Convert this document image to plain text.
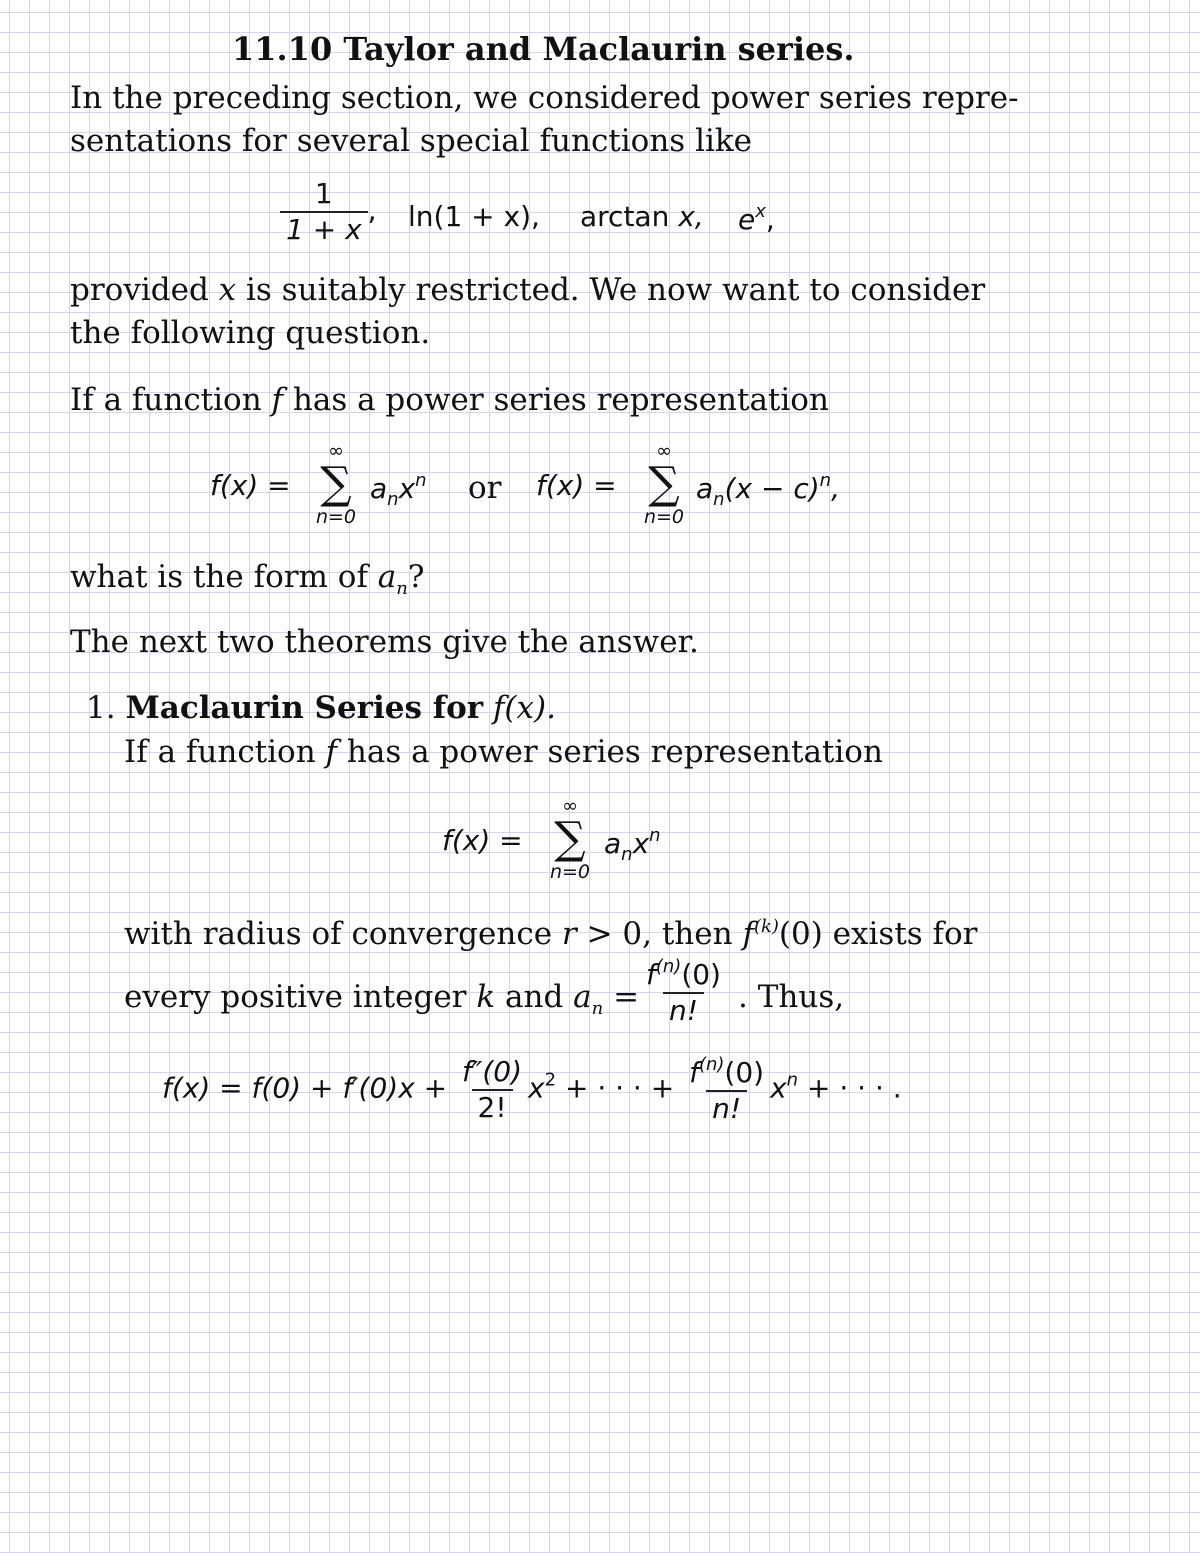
11.10 Taylor and Maclaurin series.
In the preceding section, we considered power series repre-
sentations for several special functions like
$\frac{1}{1 + x}$ , ln(1 + x), arctan x, $e^x$,
provided x is suitably restricted. We now want to consider
the following question.
If a function f has a power series representation
f(x) =
∞
∑
n=0
$a_nx^n$ or f(x) =
∞
∑
n=0
$a_n(x - c)^n$,
what is the form of $a_n$?
The next two theorems give the answer.
1. Maclaurin Series for f(x).
If a function f has a power series representation
f(x) =
∞
∑
n=0
$a_nx^n$
with radius of convergence r > 0, then $f^{(k)}(0)$ exists for
every positive integer k and $a_n = \frac{f^{(n)}(0)}{n!}$ . Thus,
$f(x) = f(0) + f'(0)x + \frac{f''(0)}{2!} x^2$ + · · · + $\frac{f^{(n)}(0)}{n!} x^n$ + · · · .
